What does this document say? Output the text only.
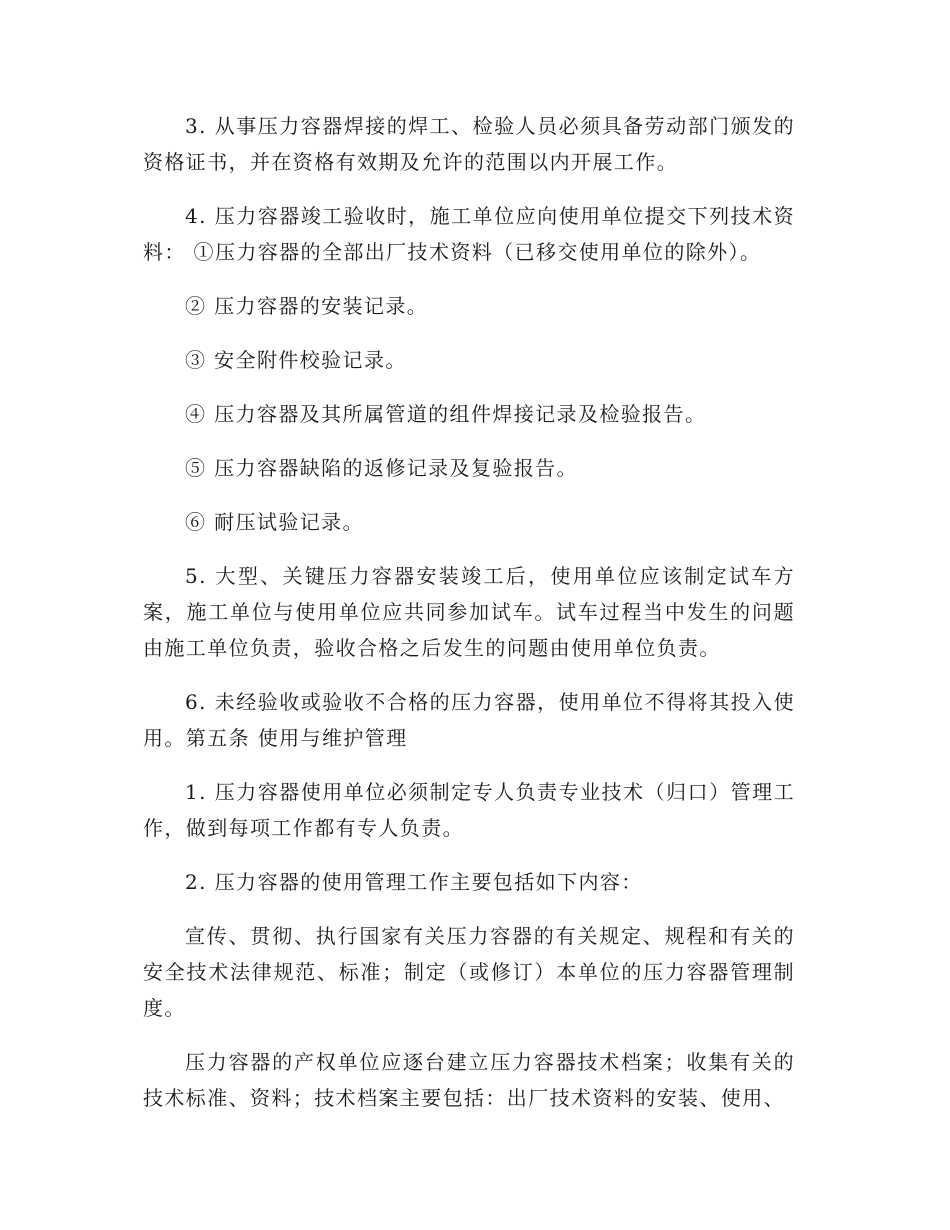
3. 从事压力容器焊接的焊工、检验人员必须具备劳动部门颁发的资格证书，并在资格有效期及允许的范围以内开展工作。

4. 压力容器竣工验收时，施工单位应向使用单位提交下列技术资料： ①压力容器的全部出厂技术资料（已移交使用单位的除外）。

② 压力容器的安装记录。

③ 安全附件校验记录。

④ 压力容器及其所属管道的组件焊接记录及检验报告。

⑤ 压力容器缺陷的返修记录及复验报告。

⑥ 耐压试验记录。

5. 大型、关键压力容器安装竣工后，使用单位应该制定试车方案，施工单位与使用单位应共同参加试车。试车过程当中发生的问题由施工单位负责，验收合格之后发生的问题由使用单位负责。

6. 未经验收或验收不合格的压力容器，使用单位不得将其投入使用。第五条 使用与维护管理

1. 压力容器使用单位必须制定专人负责专业技术（归口）管理工作，做到每项工作都有专人负责。

2. 压力容器的使用管理工作主要包括如下内容：

宣传、贯彻、执行国家有关压力容器的有关规定、规程和有关的安全技术法律规范、标准；制定（或修订）本单位的压力容器管理制度。

压力容器的产权单位应逐台建立压力容器技术档案；收集有关的技术标准、资料；技术档案主要包括：出厂技术资料的安装、使用、
